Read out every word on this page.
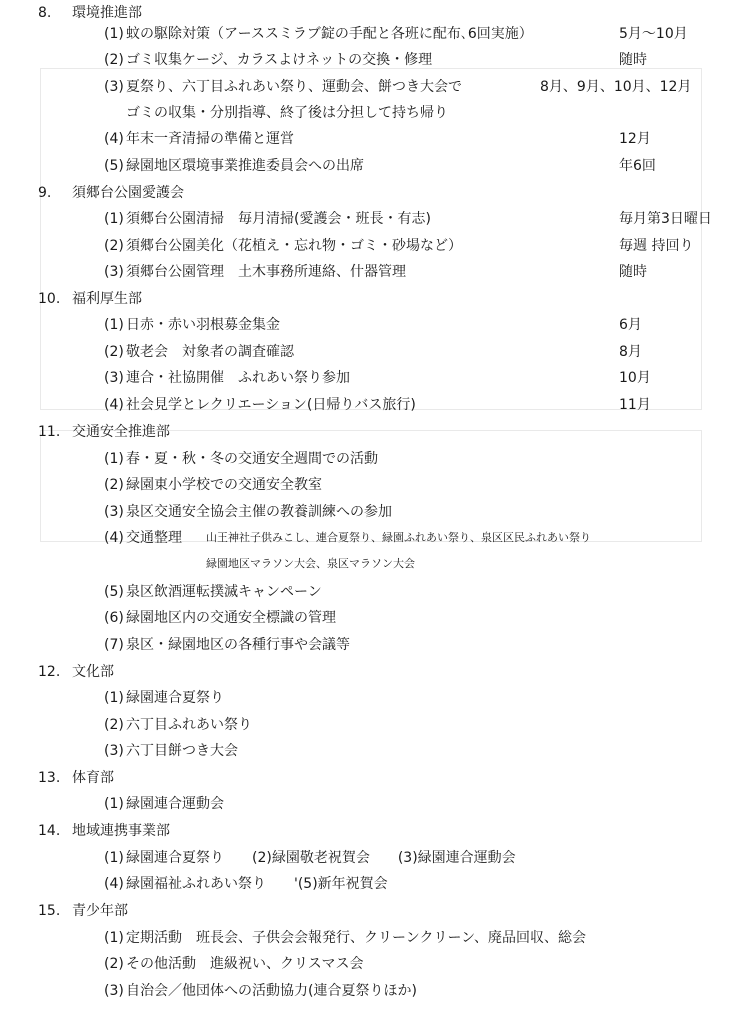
8. 環境推進部
(1) 蚊の駆除対策（アーススミラブ錠の手配と各班に配布､6回実施）	5月～10月
(2) ゴミ収集ケージ、カラスよけネットの交換・修理	随時
(3) 夏祭り、六丁目ふれあい祭り、運動会、餅つき大会で	8月、9月、10月、12月
ゴミの収集・分別指導、終了後は分担して持ち帰り
(4) 年末一斉清掃の準備と運営	12月
(5) 緑園地区環境事業推進委員会への出席	年6回
9. 須郷台公園愛護会
(1) 須郷台公園清掃　毎月清掃(愛護会・班長・有志)	毎月第3日曜日
(2) 須郷台公園美化（花植え・忘れ物・ゴミ・砂場など）	毎週 持回り
(3) 須郷台公園管理　土木事務所連絡、什器管理	随時
10. 福利厚生部
(1) 日赤・赤い羽根募金集金	6月
(2) 敬老会　対象者の調査確認	8月
(3) 連合・社協開催　ふれあい祭り参加	10月
(4) 社会見学とレクリエーション(日帰りバス旅行)	11月
11. 交通安全推進部
(1) 春・夏・秋・冬の交通安全週間での活動
(2) 緑園東小学校での交通安全教室
(3) 泉区交通安全協会主催の教養訓練への参加
(4) 交通整理 山王神社子供みこし、連合夏祭り、緑園ふれあい祭り、泉区区民ふれあい祭り
緑園地区マラソン大会、泉区マラソン大会
(5) 泉区飲酒運転撲滅キャンペーン
(6) 緑園地区内の交通安全標識の管理
(7) 泉区・緑園地区の各種行事や会議等
12. 文化部
(1) 緑園連合夏祭り
(2) 六丁目ふれあい祭り
(3) 六丁目餅つき大会
13. 体育部
(1) 緑園連合運動会
14. 地域連携事業部
(1) 緑園連合夏祭り　　(2)緑園敬老祝賀会　　(3)緑園連合運動会
(4) 緑園福祉ふれあい祭り　　'(5)新年祝賀会
15. 青少年部
(1) 定期活動　班長会、子供会会報発行、クリーンクリーン、廃品回収、総会
(2) その他活動　進級祝い、クリスマス会
(3) 自治会／他団体への活動協力(連合夏祭りほか)
